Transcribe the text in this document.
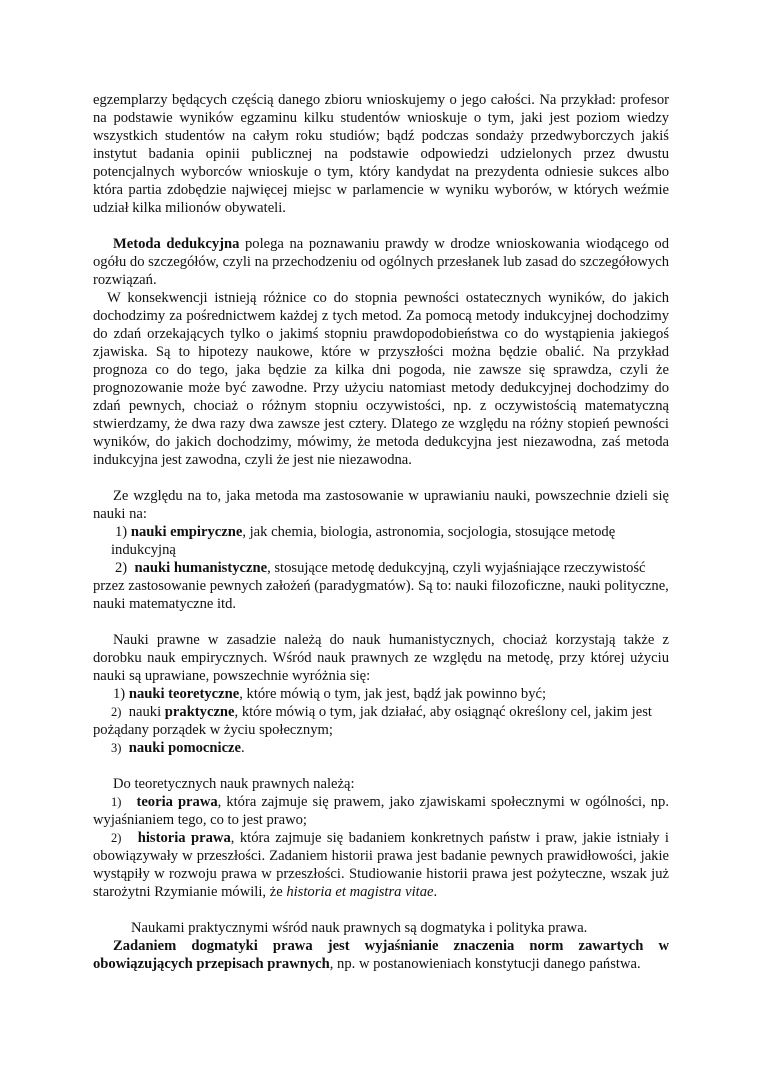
egzemplarzy będących częścią danego zbioru wnioskujemy o jego całości. Na przykład: profesor na podstawie wyników egzaminu kilku studentów wnioskuje o tym, jaki jest poziom wiedzy wszystkich studentów na całym roku studiów; bądź podczas sondaży przedwyborczych jakiś instytut badania opinii publicznej na podstawie odpowiedzi udzielonych przez dwustu potencjalnych wyborców wnioskuje o tym, który kandydat na prezydenta odniesie sukces albo która partia zdobędzie najwięcej miejsc w parlamencie w wyniku wyborów, w których weźmie udział kilka milionów obywateli.

Metoda dedukcyjna polega na poznawaniu prawdy w drodze wnioskowania wiodącego od ogółu do szczegółów, czyli na przechodzeniu od ogólnych przesłanek lub zasad do szczegółowych rozwiązań.

W konsekwencji istnieją różnice co do stopnia pewności ostatecznych wyników, do jakich dochodzimy za pośrednictwem każdej z tych metod. Za pomocą metody indukcyjnej dochodzimy do zdań orzekających tylko o jakimś stopniu prawdopodobieństwa co do wystąpienia jakiegoś zjawiska. Są to hipotezy naukowe, które w przyszłości można będzie obalić. Na przykład prognoza co do tego, jaka będzie za kilka dni pogoda, nie zawsze się sprawdza, czyli że prognozowanie może być zawodne. Przy użyciu natomiast metody dedukcyjnej dochodzimy do zdań pewnych, chociaż o różnym stopniu oczywistości, np. z oczywistością matematyczną stwierdzamy, że dwa razy dwa zawsze jest cztery. Dlatego ze względu na różny stopień pewności wyników, do jakich dochodzimy, mówimy, że metoda dedukcyjna jest niezawodna, zaś metoda indukcyjna jest zawodna, czyli że jest nie niezawodna.

Ze względu na to, jaka metoda ma zastosowanie w uprawianiu nauki, powszechnie dzieli się nauki na:

1) nauki empiryczne, jak chemia, biologia, astronomia, socjologia, stosujące metodę indukcyjną

2) nauki humanistyczne, stosujące metodę dedukcyjną, czyli wyjaśniające rzeczywistość przez zastosowanie pewnych założeń (paradygmatów). Są to: nauki filozoficzne, nauki polityczne, nauki matematyczne itd.

Nauki prawne w zasadzie należą do nauk humanistycznych, chociaż korzystają także z dorobku nauk empirycznych. Wśród nauk prawnych ze względu na metodę, przy której użyciu nauki są uprawiane, powszechnie wyróżnia się:

1) nauki teoretyczne, które mówią o tym, jak jest, bądź jak powinno być;

2) nauki praktyczne, które mówią o tym, jak działać, aby osiągnąć określony cel, jakim jest pożądany porządek w życiu społecznym;

3) nauki pomocnicze.

Do teoretycznych nauk prawnych należą:

1) teoria prawa, która zajmuje się prawem, jako zjawiskami społecznymi w ogólności, np. wyjaśnianiem tego, co to jest prawo;

2) historia prawa, która zajmuje się badaniem konkretnych państw i praw, jakie istniały i obowiązywały w przeszłości. Zadaniem historii prawa jest badanie pewnych prawidłowości, jakie wystąpiły w rozwoju prawa w przeszłości. Studiowanie historii prawa jest pożyteczne, wszak już starożytni Rzymianie mówili, że historia et magistra vitae.

Naukami praktycznymi wśród nauk prawnych są dogmatyka i polityka prawa.

Zadaniem dogmatyki prawa jest wyjaśnianie znaczenia norm zawartych w obowiązujących przepisach prawnych, np. w postanowieniach konstytucji danego państwa.
